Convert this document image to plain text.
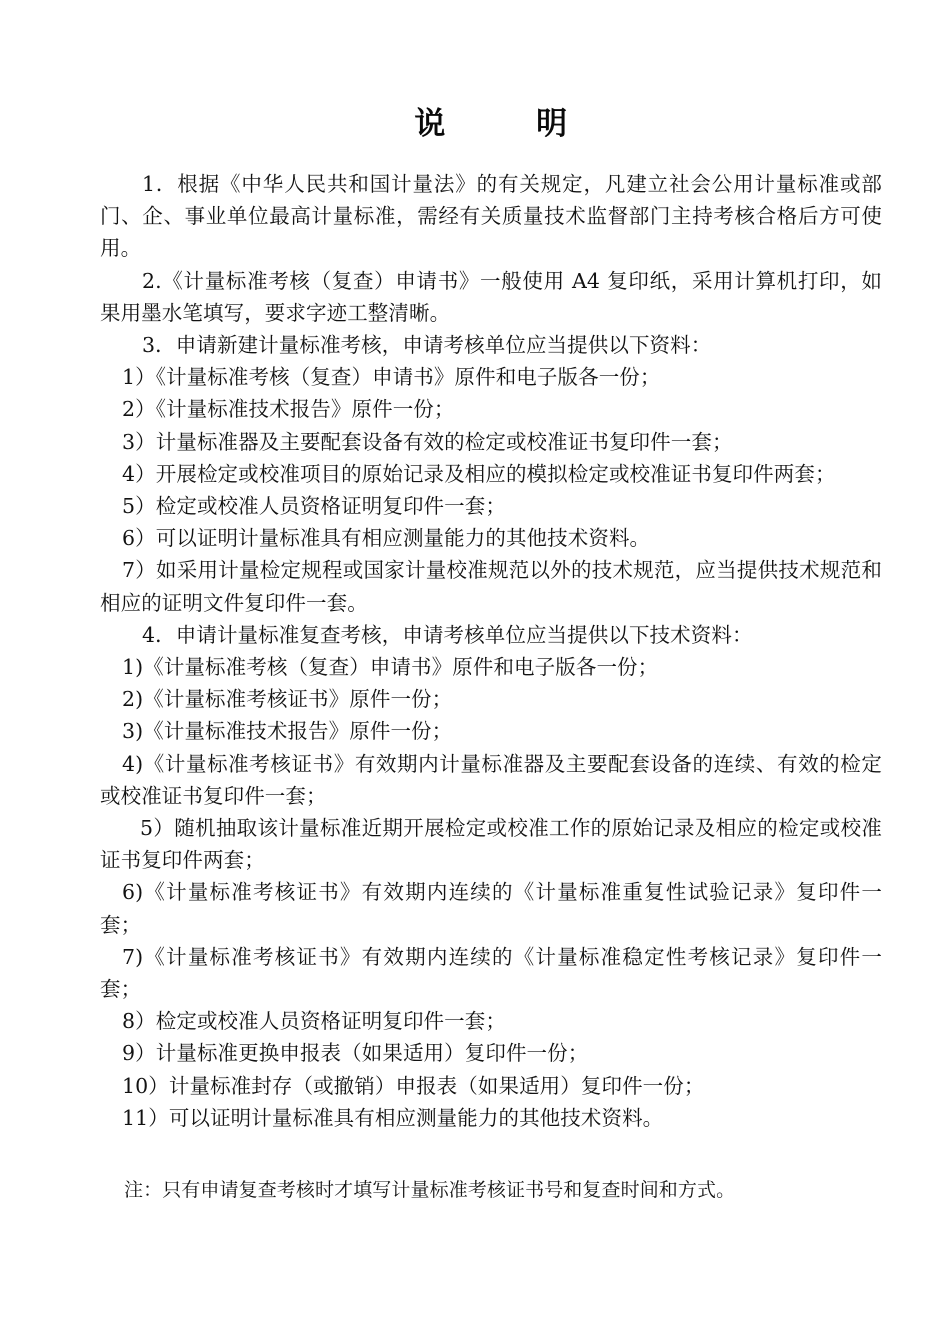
说        明

1．根据《中华人民共和国计量法》的有关规定，凡建立社会公用计量标准或部门、企、事业单位最高计量标准，需经有关质量技术监督部门主持考核合格后方可使用。

2.《计量标准考核（复查）申请书》一般使用 A4 复印纸，采用计算机打印，如果用墨水笔填写，要求字迹工整清晰。

3．申请新建计量标准考核，申请考核单位应当提供以下资料：

1）《计量标准考核（复查）申请书》原件和电子版各一份；

2）《计量标准技术报告》原件一份；

3）计量标准器及主要配套设备有效的检定或校准证书复印件一套；

4）开展检定或校准项目的原始记录及相应的模拟检定或校准证书复印件两套；

5）检定或校准人员资格证明复印件一套；

6）可以证明计量标准具有相应测量能力的其他技术资料。

7）如采用计量检定规程或国家计量校准规范以外的技术规范，应当提供技术规范和相应的证明文件复印件一套。

4．申请计量标准复查考核，申请考核单位应当提供以下技术资料：

1)《计量标准考核（复查）申请书》原件和电子版各一份；

2)《计量标准考核证书》原件一份；

3)《计量标准技术报告》原件一份；

4)《计量标准考核证书》有效期内计量标准器及主要配套设备的连续、有效的检定或校准证书复印件一套；

5）随机抽取该计量标准近期开展检定或校准工作的原始记录及相应的检定或校准证书复印件两套；

6)《计量标准考核证书》有效期内连续的《计量标准重复性试验记录》复印件一套；

7)《计量标准考核证书》有效期内连续的《计量标准稳定性考核记录》复印件一套；

8）检定或校准人员资格证明复印件一套；

9）计量标准更换申报表（如果适用）复印件一份；

10）计量标准封存（或撤销）申报表（如果适用）复印件一份；

11）可以证明计量标准具有相应测量能力的其他技术资料。

注：只有申请复查考核时才填写计量标准考核证书号和复查时间和方式。
